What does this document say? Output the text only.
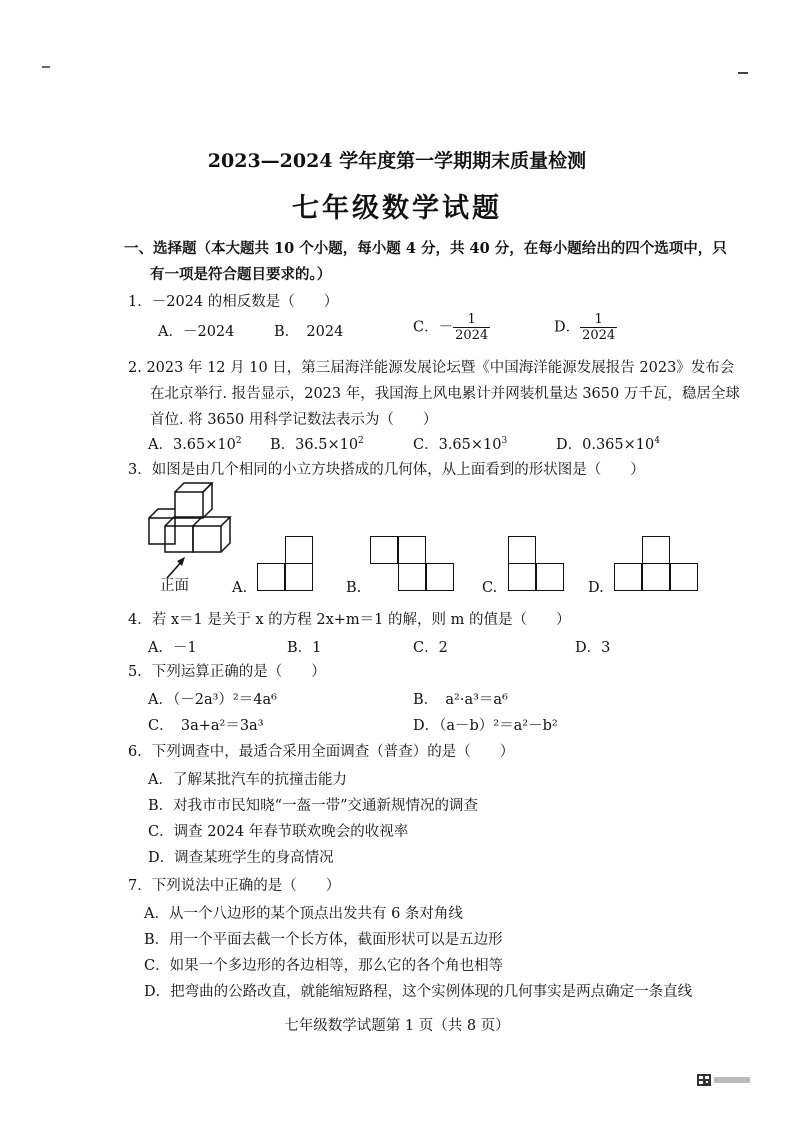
2023—2024 学年度第一学期期末质量检测
七年级数学试题
一、选择题（本大题共 10 个小题，每小题 4 分，共 40 分，在每小题给出的四个选项中，只
有一项是符合题目要求的。）
1．－2024 的相反数是（　　）
A．－2024	B．　2024	C．－ $\frac{1}{2024}$	D． $\frac{1}{2024}$
2. 2023 年 12 月 10 日，第三届海洋能源发展论坛暨《中国海洋能源发展报告 2023》发布会
在北京举行. 报告显示，2023 年，我国海上风电累计并网装机量达 3650 万千瓦，稳居全球
首位. 将 3650 用科学记数法表示为（　　）
A．$3.65\times 10^2$ B．$36.5\times 10^2$	C．$3.65\times 10^3$	D．$0.365\times 10^4$
3．如图是由几个相同的小立方块搭成的几何体，从上面看到的形状图是（　　）
正面	A.	B.	C.	D.
4．若 x＝1 是关于 x 的方程 2x+m＝1 的解，则 m 的值是（　　）
A．－1	B．1	C．2	D．3
5．下列运算正确的是（　　）
A．（－2a³）²＝4a⁶	B．　a²·a³＝a⁶
C．　3a+a²＝3a³	D．（a－b）²＝a²－b²
6．下列调查中，最适合采用全面调查（普查）的是（　　）
A．了解某批汽车的抗撞击能力
B．对我市市民知晓“一盔一带”交通新规情况的调查
C．调查 2024 年春节联欢晚会的收视率
D．调查某班学生的身高情况
7．下列说法中正确的是（　　）
A．从一个八边形的某个顶点出发共有 6 条对角线
B．用一个平面去截一个长方体，截面形状可以是五边形
C．如果一个多边形的各边相等，那么它的各个角也相等
D．把弯曲的公路改直，就能缩短路程，这个实例体现的几何事实是两点确定一条直线
七年级数学试题第 1 页（共 8 页）
